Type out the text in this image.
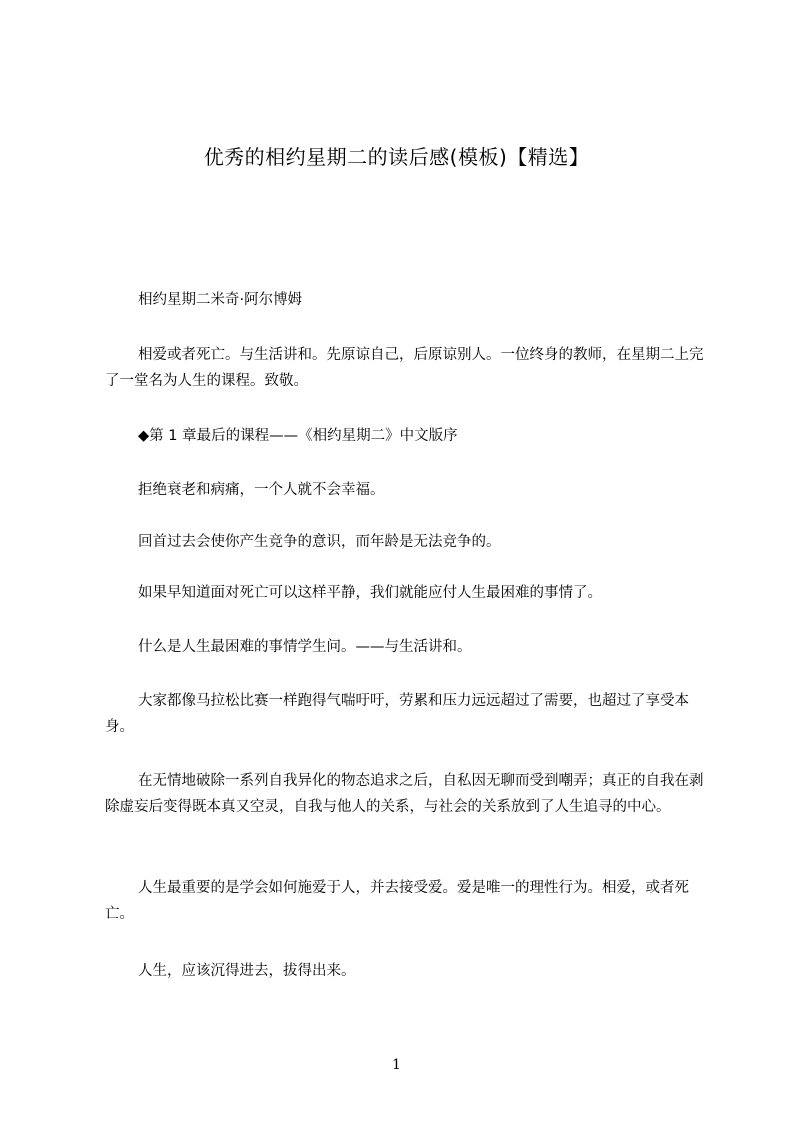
优秀的相约星期二的读后感(模板)【精选】

相约星期二米奇·阿尔博姆

相爱或者死亡。与生活讲和。先原谅自己，后原谅别人。一位终身的教师，在星期二上完了一堂名为人生的课程。致敬。

◆第 1 章最后的课程——《相约星期二》中文版序

拒绝衰老和病痛，一个人就不会幸福。

回首过去会使你产生竞争的意识，而年龄是无法竞争的。

如果早知道面对死亡可以这样平静，我们就能应付人生最困难的事情了。

什么是人生最困难的事情学生问。——与生活讲和。

大家都像马拉松比赛一样跑得气喘吁吁，劳累和压力远远超过了需要，也超过了享受本身。

在无情地破除一系列自我异化的物态追求之后，自私因无聊而受到嘲弄；真正的自我在剥除虚妄后变得既本真又空灵，自我与他人的关系，与社会的关系放到了人生追寻的中心。

人生最重要的是学会如何施爱于人，并去接受爱。爱是唯一的理性行为。相爱，或者死亡。

人生，应该沉得进去，拔得出来。

1
